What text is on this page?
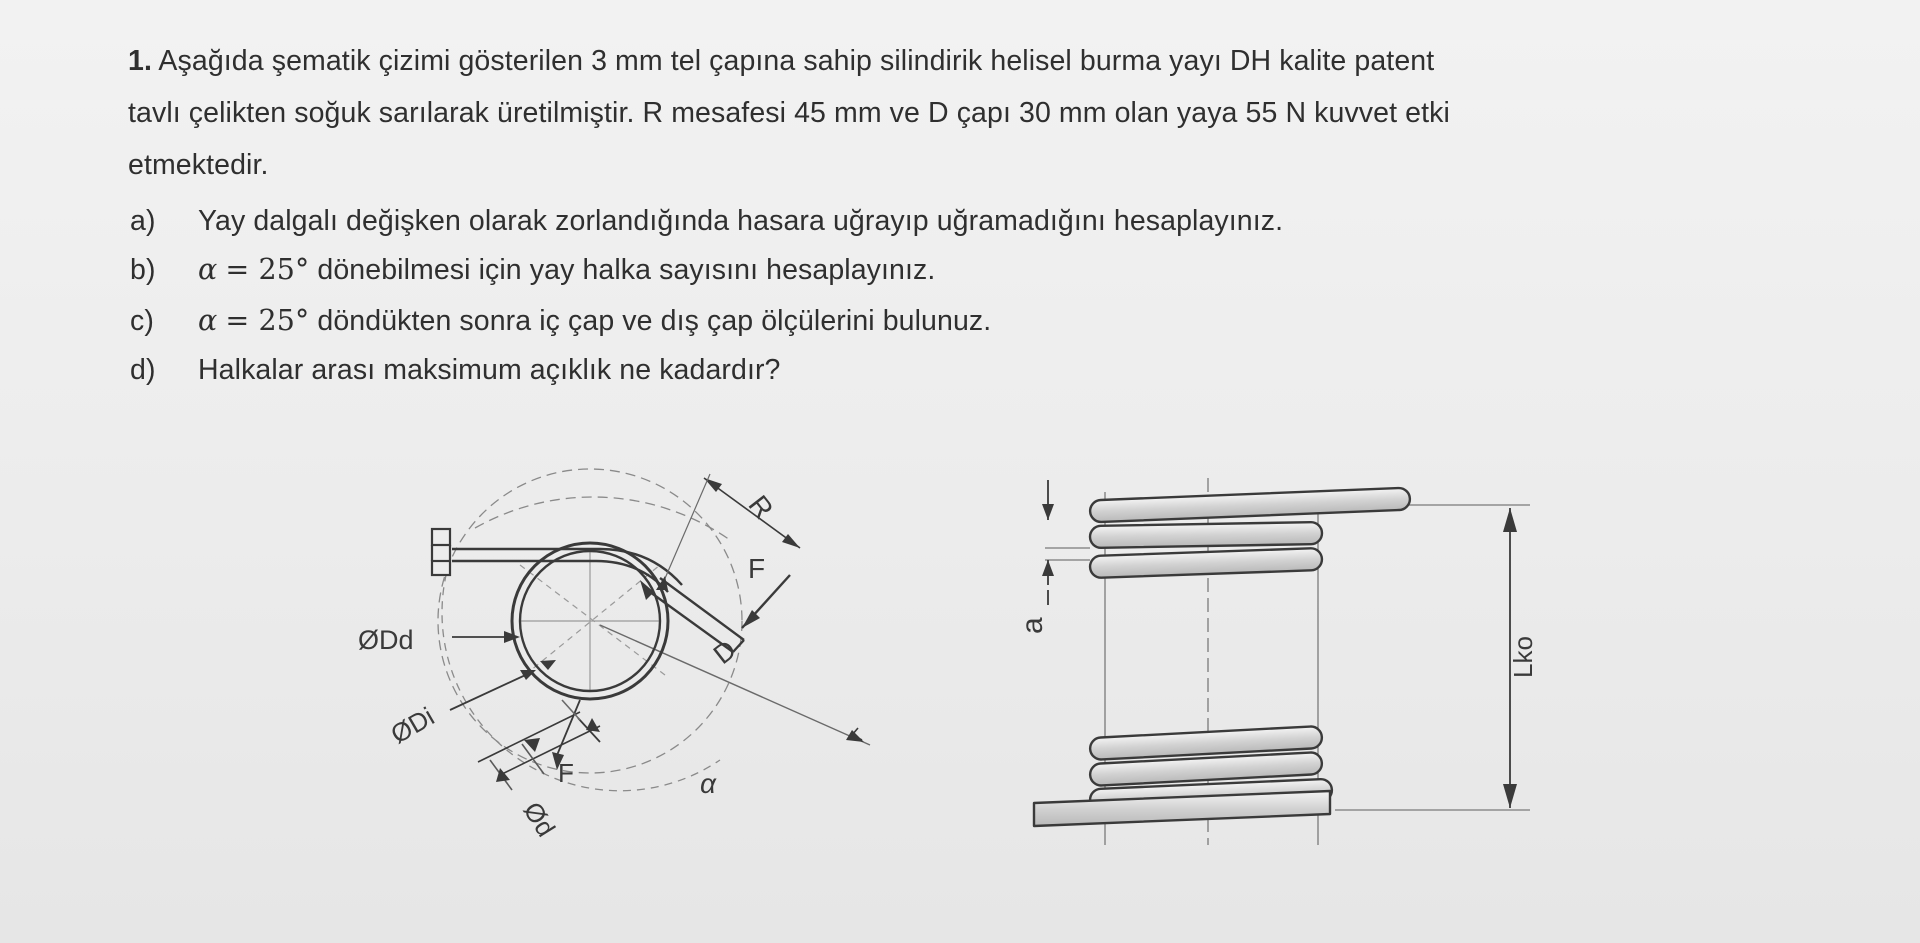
1. Aşağıda şematik çizimi gösterilen 3 mm tel çapına sahip silindirik helisel burma yayı DH kalite patent
tavlı çelikten soğuk sarılarak üretilmiştir. R mesafesi 45 mm ve D çapı 30 mm olan yaya 55 N kuvvet etki
etmektedir.
a) Yay dalgalı değişken olarak zorlandığında hasara uğrayıp uğramadığını hesaplayınız.
b) α = 25° dönebilmesi için yay halka sayısını hesaplayınız.
c) α = 25° döndükten sonra iç çap ve dış çap ölçülerini bulunuz.
d) Halkalar arası maksimum açıklık ne kadardır?
R
F
D
ØDd
ØDi
F	α
Ød
a
Lko
